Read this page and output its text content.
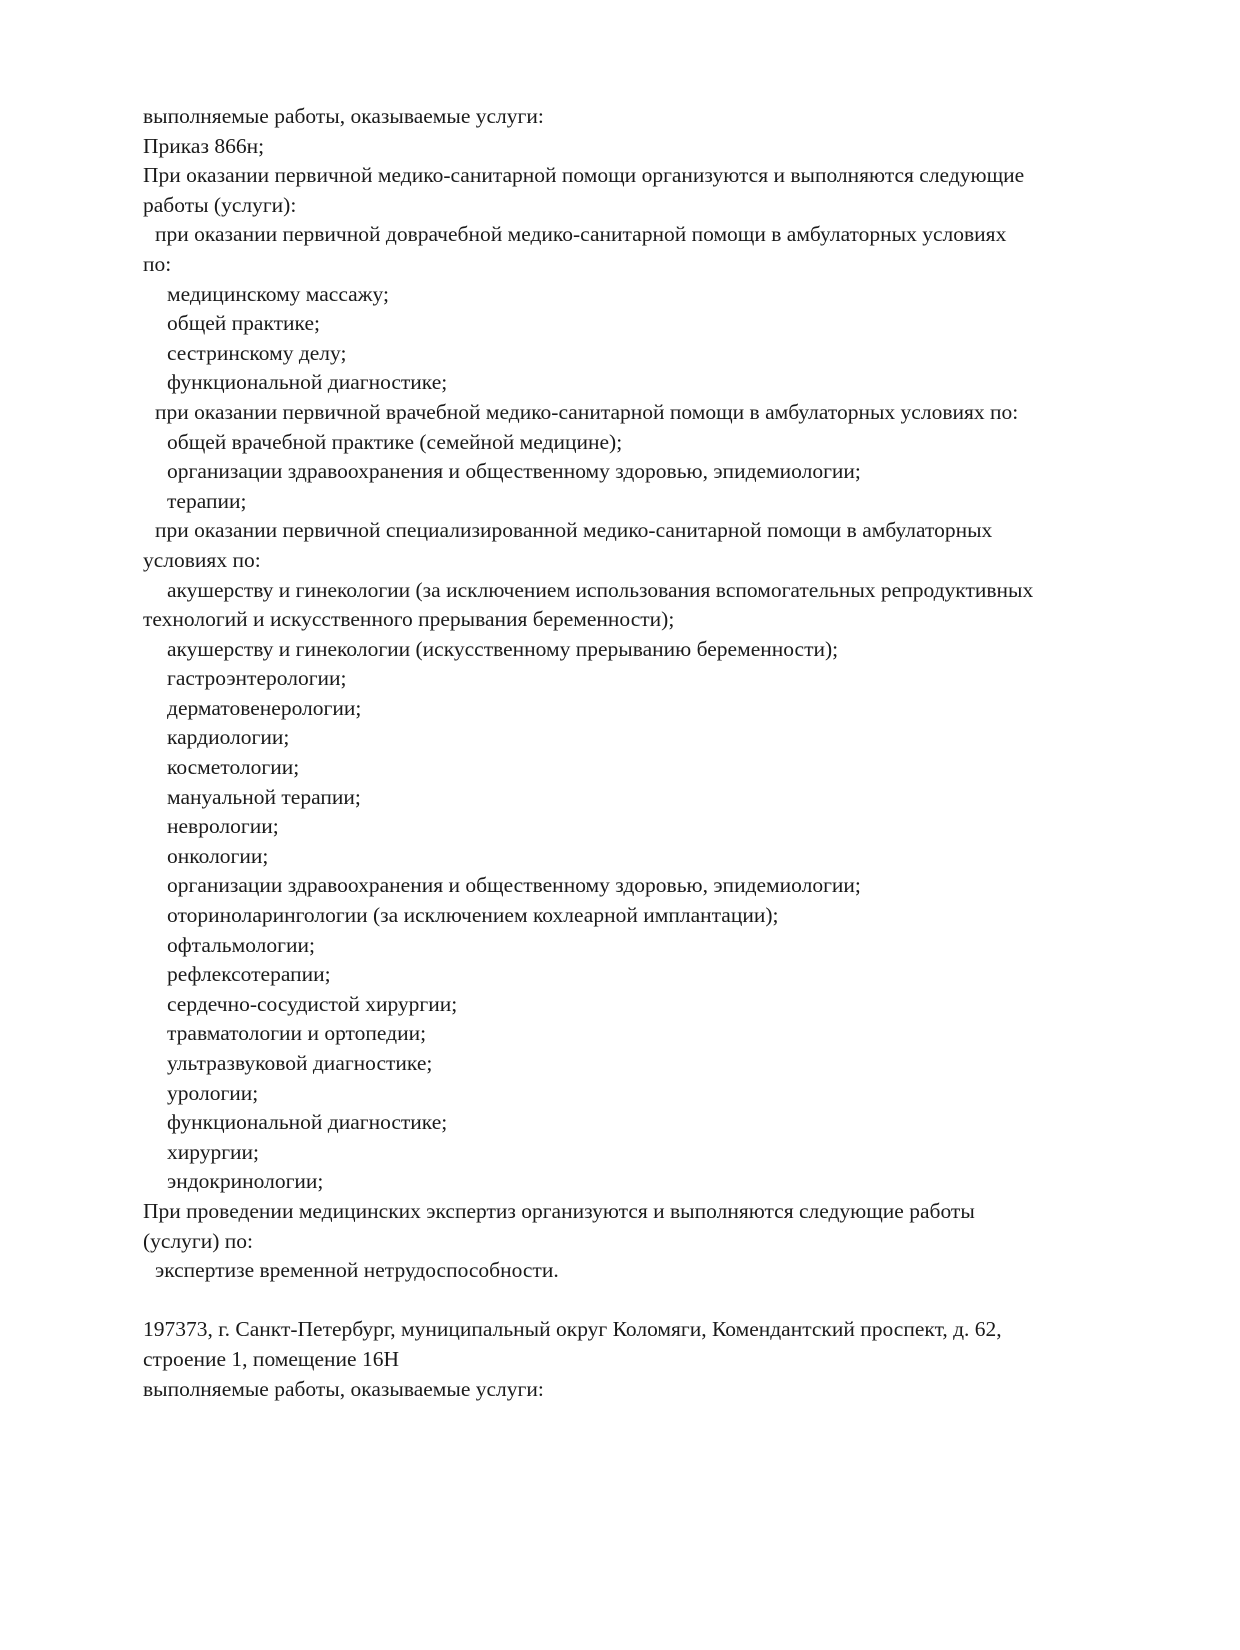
выполняемые работы, оказываемые услуги:
Приказ 866н;
При оказании первичной медико-санитарной помощи организуются и выполняются следующие
работы (услуги):
при оказании первичной доврачебной медико-санитарной помощи в амбулаторных условиях
по:
медицинскому массажу;
общей практике;
сестринскому делу;
функциональной диагностике;
при оказании первичной врачебной медико-санитарной помощи в амбулаторных условиях по:
общей врачебной практике (семейной медицине);
организации здравоохранения и общественному здоровью, эпидемиологии;
терапии;
при оказании первичной специализированной медико-санитарной помощи в амбулаторных
условиях по:
акушерству и гинекологии (за исключением использования вспомогательных репродуктивных
технологий и искусственного прерывания беременности);
акушерству и гинекологии (искусственному прерыванию беременности);
гастроэнтерологии;
дерматовенерологии;
кардиологии;
косметологии;
мануальной терапии;
неврологии;
онкологии;
организации здравоохранения и общественному здоровью, эпидемиологии;
оториноларингологии (за исключением кохлеарной имплантации);
офтальмологии;
рефлексотерапии;
сердечно-сосудистой хирургии;
травматологии и ортопедии;
ультразвуковой диагностике;
урологии;
функциональной диагностике;
хирургии;
эндокринологии;
При проведении медицинских экспертиз организуются и выполняются следующие работы
(услуги) по:
экспертизе временной нетрудоспособности.
197373, г. Санкт-Петербург, муниципальный округ Коломяги, Комендантский проспект, д. 62,
строение 1, помещение 16Н
выполняемые работы, оказываемые услуги:
